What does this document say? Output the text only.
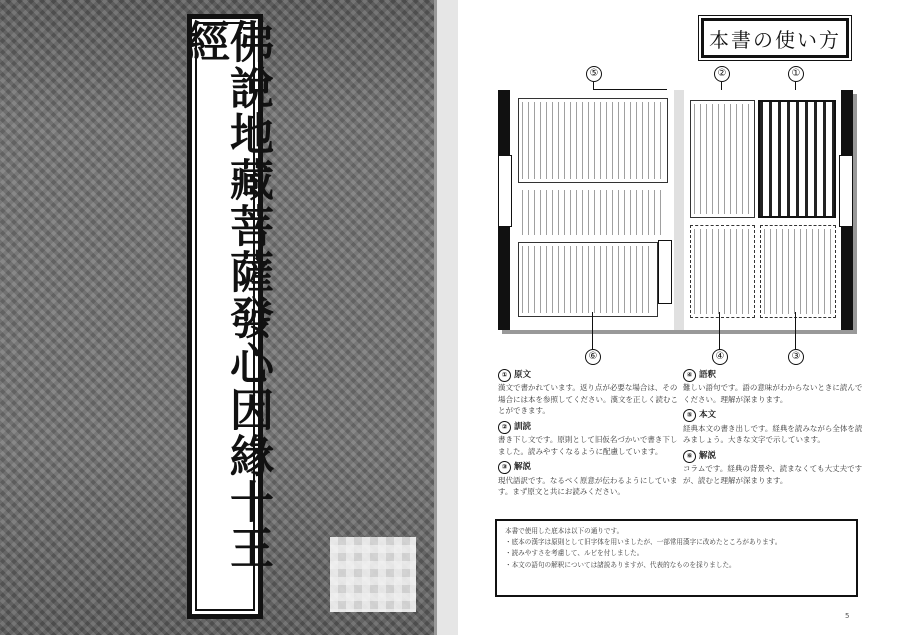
佛說地藏菩薩發心因緣十王經	本書の使い方
⑤	②	①
⑥	④	③
① 原文
漢文で書かれています。返り点が必要な場合は、その場合には本を参照してください。漢文を正しく読むことができます。
② 訓読
書き下し文です。原則として旧仮名づかいで書き下しました。読みやすくなるように配慮しています。
③ 解説
現代語訳です。なるべく原意が伝わるようにしています。まず原文と共にお読みください。
④ 語釈
難しい語句です。語の意味がわからないときに読んでください。理解が深まります。
⑤ 本文
経典本文の書き出しです。経典を読みながら全体を読みましょう。大きな文字で示しています。
⑥ 解説
コラムです。経典の背景や、読まなくても大丈夫ですが、読むと理解が深まります。
本書で使用した底本は以下の通りです。
・底本の漢字は原則として旧字体を用いましたが、一部常用漢字に改めたところがあります。
・読みやすさを考慮して、ルビを付しました。
・本文の語句の解釈については諸説ありますが、代表的なものを採りました。
5
